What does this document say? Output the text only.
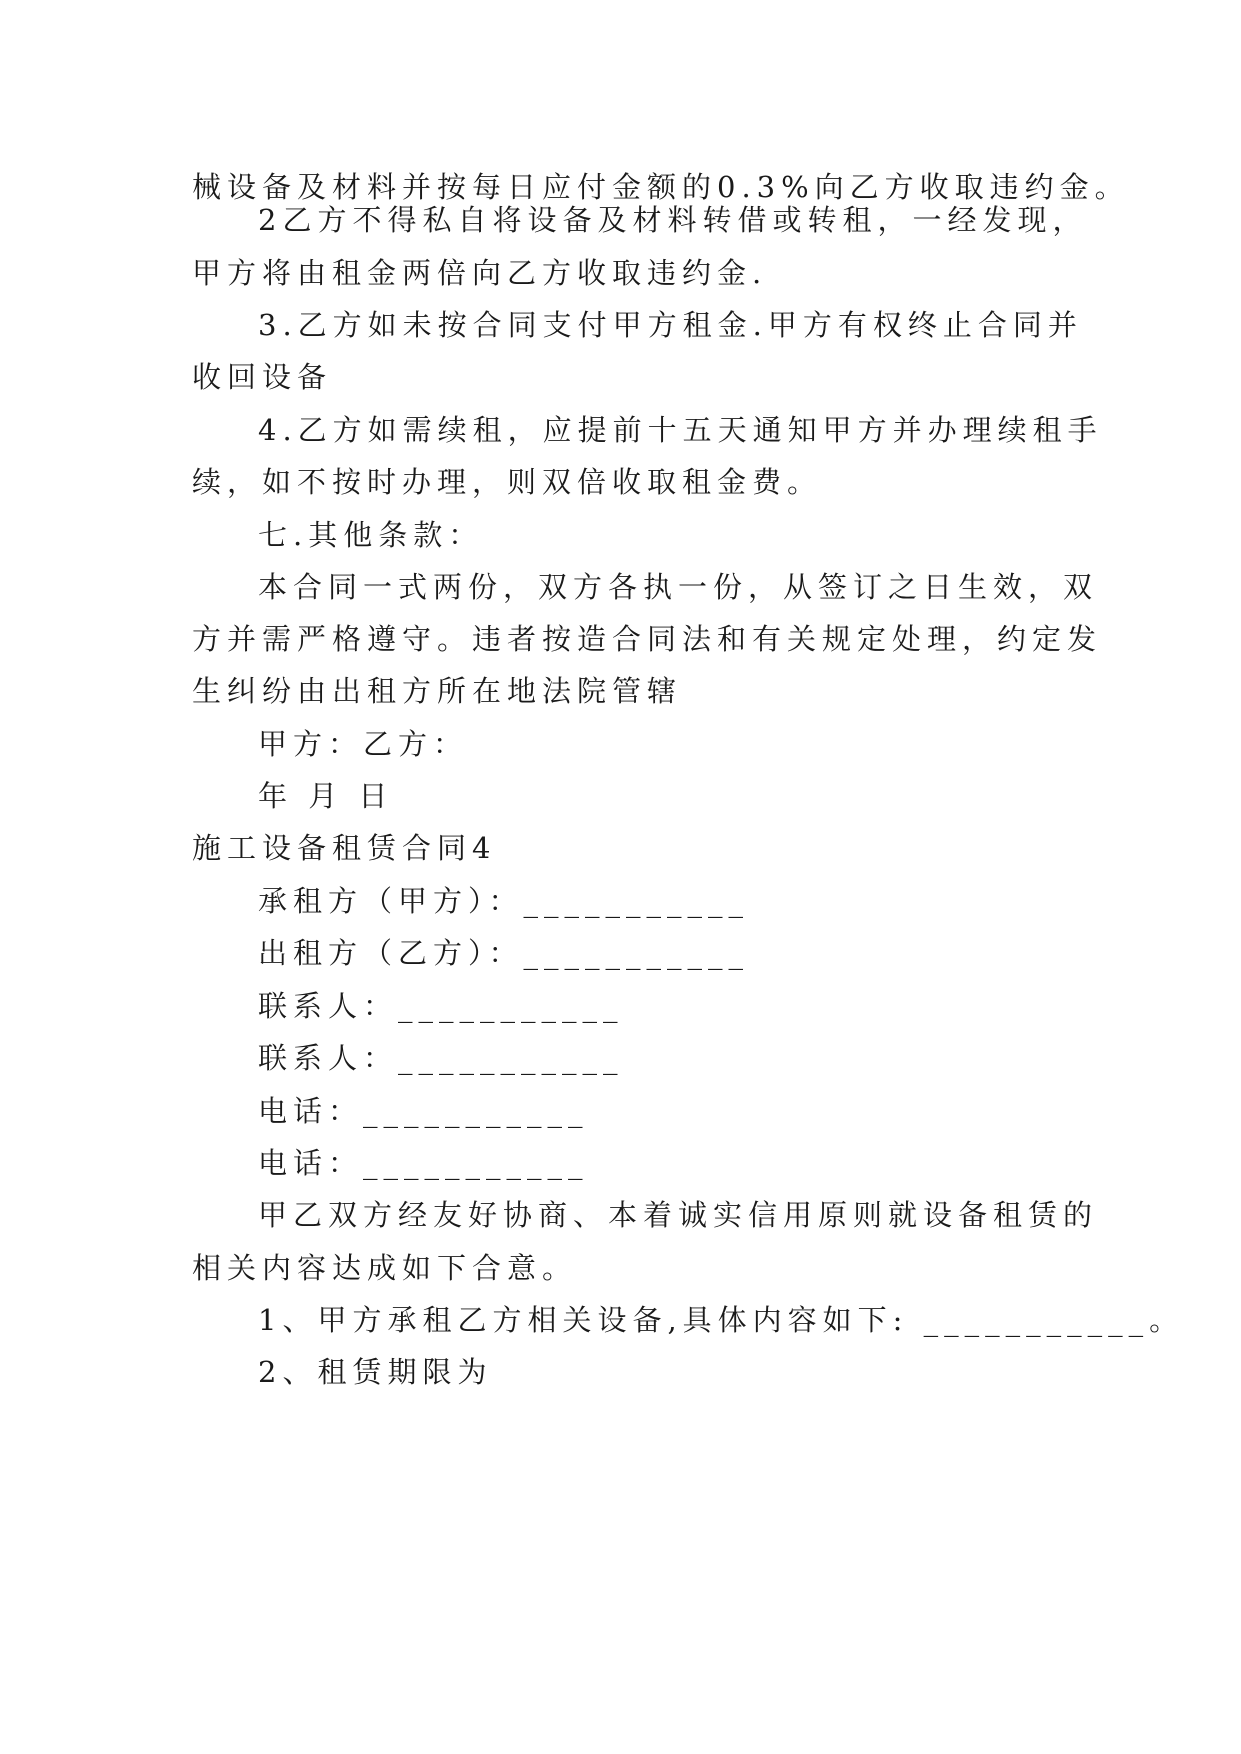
械设备及材料并按每日应付金额的0.3%向乙方收取违约金。
2乙方不得私自将设备及材料转借或转租，一经发现，
甲方将由租金两倍向乙方收取违约金.
3.乙方如未按合同支付甲方租金.甲方有权终止合同并
收回设备
4.乙方如需续租，应提前十五天通知甲方并办理续租手
续，如不按时办理，则双倍收取租金费。
七.其他条款：
本合同一式两份，双方各执一份，从签订之日生效，双
方并需严格遵守。违者按造合同法和有关规定处理，约定发
生纠纷由出租方所在地法院管辖
甲方：乙方：
年 月 日
施工设备租赁合同4
承租方（甲方）：___________
出租方（乙方）：___________
联系人：___________
联系人：___________
电话：___________
电话：___________
甲乙双方经友好协商、本着诚实信用原则就设备租赁的
相关内容达成如下合意。
1、甲方承租乙方相关设备,具体内容如下: ___________。
2、租赁期限为
